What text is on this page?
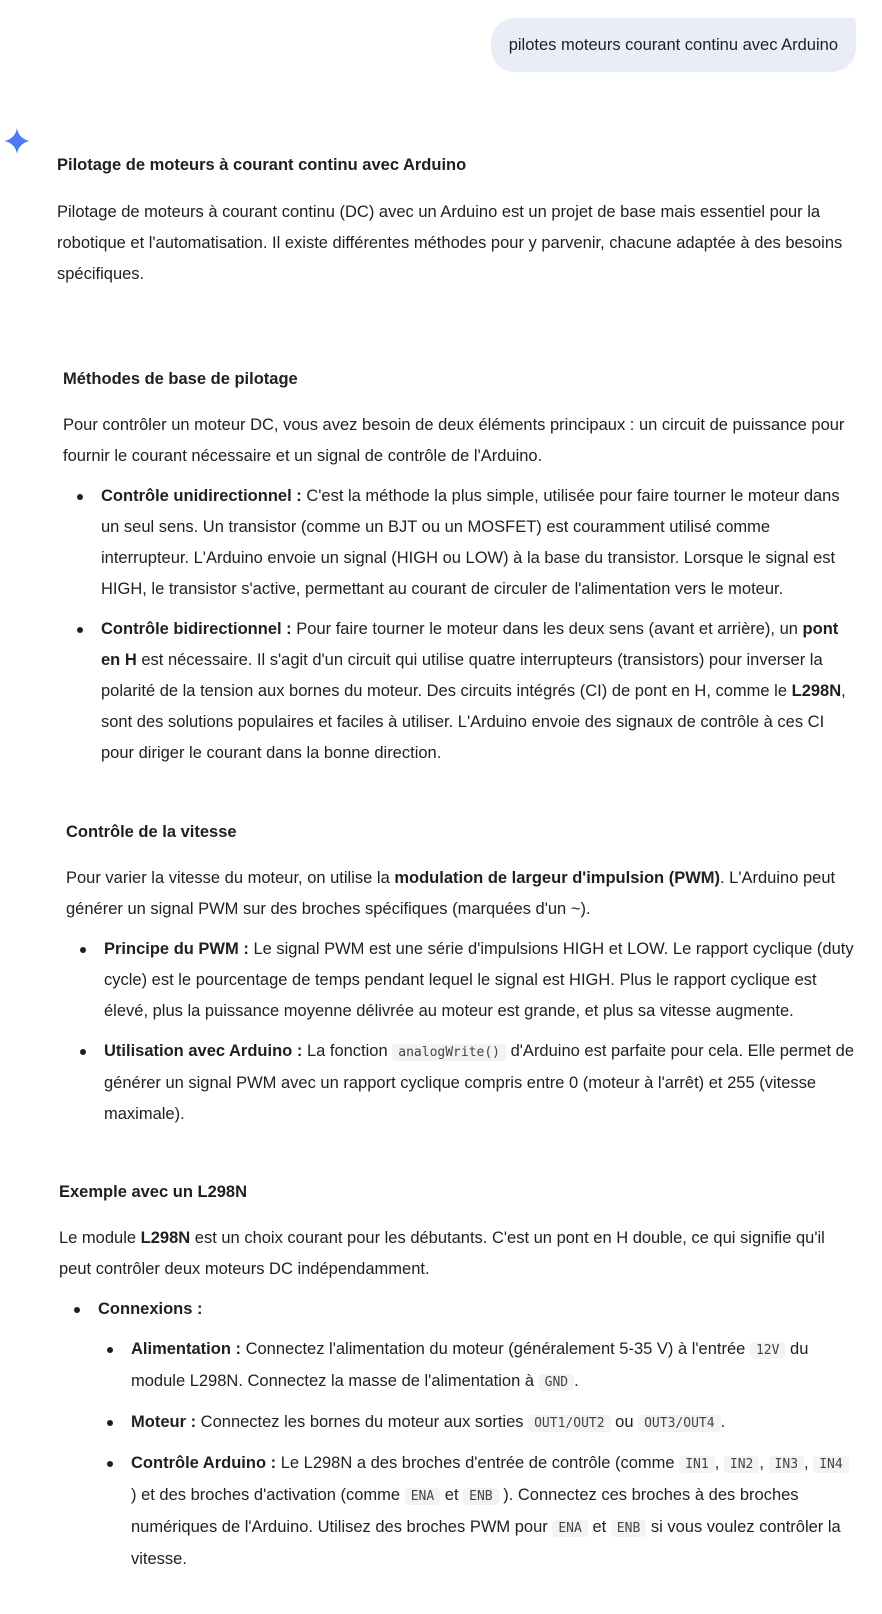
pilotes moteurs courant continu avec Arduino
Pilotage de moteurs à courant continu avec Arduino

Pilotage de moteurs à courant continu (DC) avec un Arduino est un projet de base mais essentiel pour la robotique et l'automatisation. Il existe différentes méthodes pour y parvenir, chacune adaptée à des besoins spécifiques.

Méthodes de base de pilotage

Pour contrôler un moteur DC, vous avez besoin de deux éléments principaux : un circuit de puissance pour fournir le courant nécessaire et un signal de contrôle de l'Arduino.

Contrôle unidirectionnel : C'est la méthode la plus simple, utilisée pour faire tourner le moteur dans un seul sens. Un transistor (comme un BJT ou un MOSFET) est couramment utilisé comme interrupteur. L'Arduino envoie un signal (HIGH ou LOW) à la base du transistor. Lorsque le signal est HIGH, le transistor s'active, permettant au courant de circuler de l'alimentation vers le moteur.
Contrôle bidirectionnel : Pour faire tourner le moteur dans les deux sens (avant et arrière), un pont en H est nécessaire. Il s'agit d'un circuit qui utilise quatre interrupteurs (transistors) pour inverser la polarité de la tension aux bornes du moteur. Des circuits intégrés (CI) de pont en H, comme le L298N, sont des solutions populaires et faciles à utiliser. L'Arduino envoie des signaux de contrôle à ces CI pour diriger le courant dans la bonne direction.
Contrôle de la vitesse

Pour varier la vitesse du moteur, on utilise la modulation de largeur d'impulsion (PWM). L'Arduino peut générer un signal PWM sur des broches spécifiques (marquées d'un ~).

Principe du PWM : Le signal PWM est une série d'impulsions HIGH et LOW. Le rapport cyclique (duty cycle) est le pourcentage de temps pendant lequel le signal est HIGH. Plus le rapport cyclique est élevé, plus la puissance moyenne délivrée au moteur est grande, et plus sa vitesse augmente.
Utilisation avec Arduino : La fonction analogWrite() d'Arduino est parfaite pour cela. Elle permet de générer un signal PWM avec un rapport cyclique compris entre 0 (moteur à l'arrêt) et 255 (vitesse maximale).
Exemple avec un L298N

Le module L298N est un choix courant pour les débutants. C'est un pont en H double, ce qui signifie qu'il peut contrôler deux moteurs DC indépendamment.

Connexions :
Alimentation : Connectez l'alimentation du moteur (généralement 5-35 V) à l'entrée 12V du module L298N. Connectez la masse de l'alimentation à GND .
Moteur : Connectez les bornes du moteur aux sorties OUT1/OUT2 ou OUT3/OUT4 .
Contrôle Arduino : Le L298N a des broches d'entrée de contrôle (comme IN1 , IN2 , IN3 , IN4 ) et des broches d'activation (comme ENA et ENB ). Connectez ces broches à des broches numériques de l'Arduino. Utilisez des broches PWM pour ENA et ENB si vous voulez contrôler la vitesse.
